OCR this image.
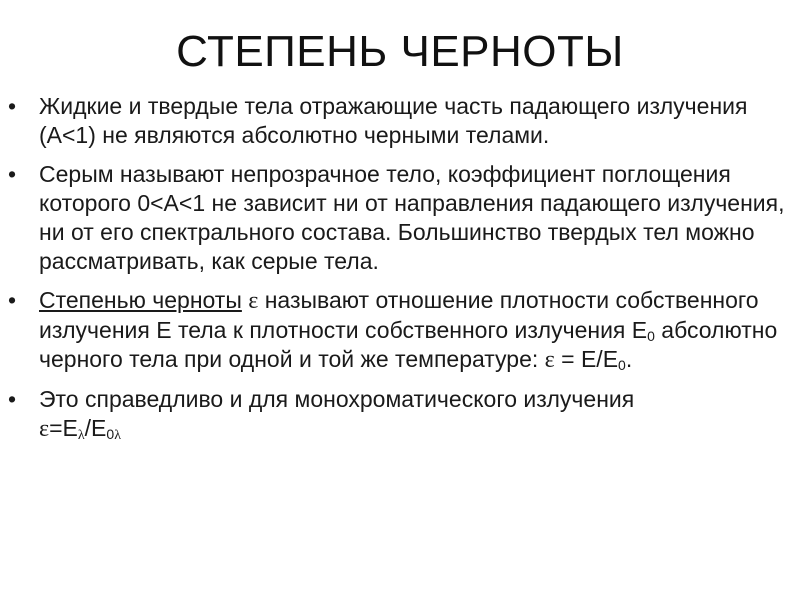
СТЕПЕНЬ ЧЕРНОТЫ
• Жидкие и твердые тела отражающие часть падающего излучения (A<1) не являются абсолютно черными телами.
• Серым называют непрозрачное тело, коэффициент поглощения которого 0<A<1 не зависит ни от направления падающего излучения, ни от его спектрального состава. Большинство твердых тел можно рассматривать, как серые тела.
• Степенью черноты ε называют отношение плотности собственного излучения E тела к плотности собственного излучения $E_0$ абсолютно черного тела при одной и той же температуре: $\varepsilon = E/E_0$.
• Это справедливо и для монохроматического излучения
$\varepsilon=E_\lambda/E_{0\lambda}$
